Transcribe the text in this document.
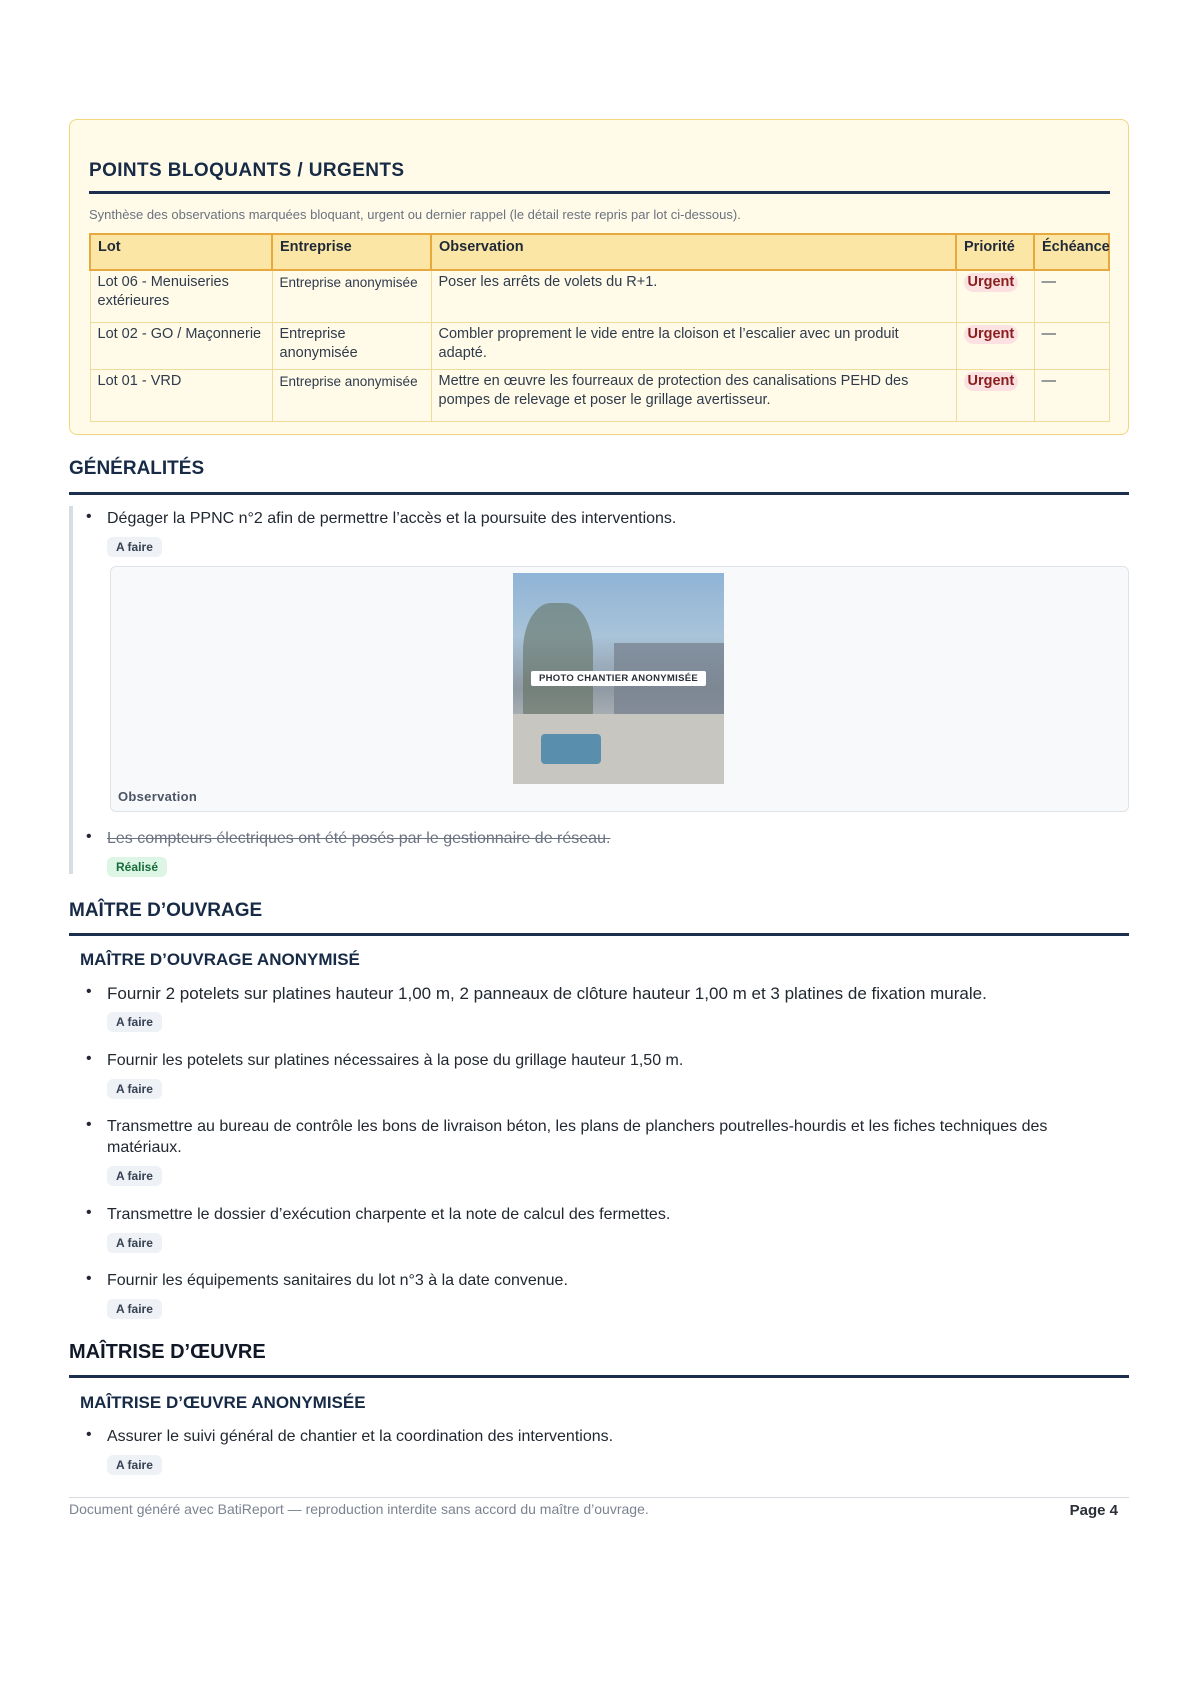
POINTS BLOQUANTS / URGENTS
Synthèse des observations marquées bloquant, urgent ou dernier rappel (le détail reste repris par lot ci-dessous).
Lot	Entreprise	Observation	Priorité	Échéance
Lot 06 - Menuiseries extérieures	Entreprise anonymisée	Poser les arrêts de volets du R+1.	Urgent	—
Lot 02 - GO / Maçonnerie	Entreprise anonymisée	Combler proprement le vide entre la cloison et l’escalier avec un produit adapté.	Urgent	—
Lot 01 - VRD	Entreprise anonymisée	Mettre en œuvre les fourreaux de protection des canalisations PEHD des pompes de relevage et poser le grillage avertisseur.	Urgent	—
GÉNÉRALITÉS
• Dégager la PPNC n°2 afin de permettre l’accès et la poursuite des interventions.
A faire
PHOTO CHANTIER ANONYMISÉE
Observation
• Les compteurs électriques ont été posés par le gestionnaire de réseau.
Réalisé
MAÎTRE D’OUVRAGE
MAÎTRE D’OUVRAGE ANONYMISÉ
• Fournir 2 potelets sur platines hauteur 1,00 m, 2 panneaux de clôture hauteur 1,00 m et 3 platines de fixation murale.
A faire
• Fournir les potelets sur platines nécessaires à la pose du grillage hauteur 1,50 m.
A faire
• Transmettre au bureau de contrôle les bons de livraison béton, les plans de planchers poutrelles-hourdis et les fiches techniques des matériaux.
A faire
• Transmettre le dossier d’exécution charpente et la note de calcul des fermettes.
A faire
• Fournir les équipements sanitaires du lot n°3 à la date convenue.
A faire
MAÎTRISE D’ŒUVRE
MAÎTRISE D’ŒUVRE ANONYMISÉE
• Assurer le suivi général de chantier et la coordination des interventions.
A faire
Document généré avec BatiReport — reproduction interdite sans accord du maître d’ouvrage.	Page 4
